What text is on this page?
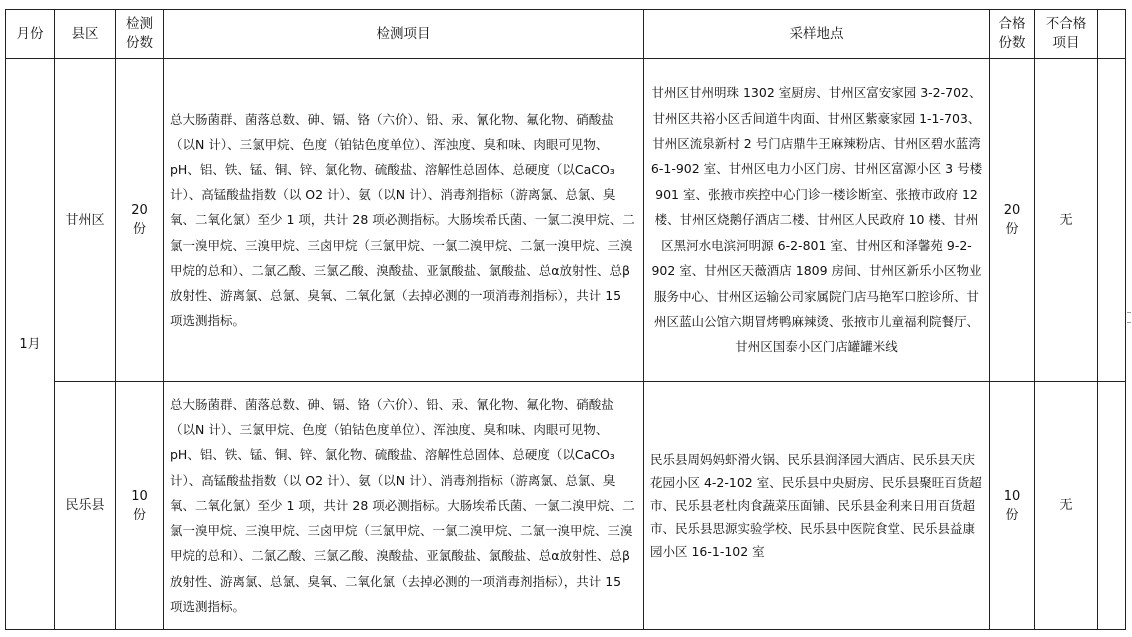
月份	县区
检测
份数
检测项目	采样地点
合格
份数
不合格
项目
1月
甘州区
20
份
总大肠菌群、菌落总数、砷、镉、铬（六价）、铅、汞、氰化物、氟化物、硝酸盐（以N 计）、三氯甲烷、色度（铂钴色度单位）、浑浊度、臭和味、肉眼可见物、pH、铝、铁、锰、铜、锌、氯化物、硫酸盐、溶解性总固体、总硬度（以CaCO₃ 计）、高锰酸盐指数（以 O2 计）、氨（以N 计）、消毒剂指标（游离氯、总氯、臭氧、二氧化氯）至少 1 项，共计 28 项必测指标。大肠埃希氏菌、一氯二溴甲烷、二氯一溴甲烷、三溴甲烷、三卤甲烷（三氯甲烷、一氯二溴甲烷、二氯一溴甲烷、三溴甲烷的总和）、二氯乙酸、三氯乙酸、溴酸盐、亚氯酸盐、氯酸盐、总α放射性、总β放射性、游离氯、总氯、臭氧、二氧化氯（去掉必测的一项消毒剂指标），共计 15 项选测指标。
甘州区甘州明珠 1302 室厨房、甘州区富安家园 3-2-702、甘州区共裕小区舌间道牛肉面、甘州区紫豪家园 1-1-703、甘州区流泉新村 2 号门店鼎牛王麻辣粉店、甘州区碧水蓝湾 6-1-902 室、甘州区电力小区门房、甘州区富源小区 3 号楼 901 室、张掖市疾控中心门诊一楼诊断室、张掖市政府 12 楼、甘州区烧鹅仔酒店二楼、甘州区人民政府 10 楼、甘州区黑河水电滨河明源 6-2-801 室、甘州区和泽馨苑 9-2-902 室、甘州区天薇酒店 1809 房间、甘州区新乐小区物业服务中心、甘州区运输公司家属院门店马艳军口腔诊所、甘州区蓝山公馆六期冒烤鸭麻辣烫、张掖市儿童福利院餐厅、甘州区国泰小区门店罐罐米线
20
份
无
民乐县
10
份
总大肠菌群、菌落总数、砷、镉、铬（六价）、铅、汞、氰化物、氟化物、硝酸盐（以N 计）、三氯甲烷、色度（铂钴色度单位）、浑浊度、臭和味、肉眼可见物、pH、铝、铁、锰、铜、锌、氯化物、硫酸盐、溶解性总固体、总硬度（以CaCO₃ 计）、高锰酸盐指数（以 O2 计）、氨（以N 计）、消毒剂指标（游离氯、总氯、臭氧、二氧化氯）至少 1 项，共计 28 项必测指标。大肠埃希氏菌、一氯二溴甲烷、二氯一溴甲烷、三溴甲烷、三卤甲烷（三氯甲烷、一氯二溴甲烷、二氯一溴甲烷、三溴甲烷的总和）、二氯乙酸、三氯乙酸、溴酸盐、亚氯酸盐、氯酸盐、总α放射性、总β放射性、游离氯、总氯、臭氧、二氧化氯（去掉必测的一项消毒剂指标），共计 15 项选测指标。
民乐县周妈妈虾滑火锅、民乐县润泽园大酒店、民乐县天庆花园小区 4-2-102 室、民乐县中央厨房、民乐县聚旺百货超市、民乐县老杜肉食蔬菜压面铺、民乐县金利来日用百货超市、民乐县思源实验学校、民乐县中医院食堂、民乐县益康园小区 16-1-102 室
10
份
无
